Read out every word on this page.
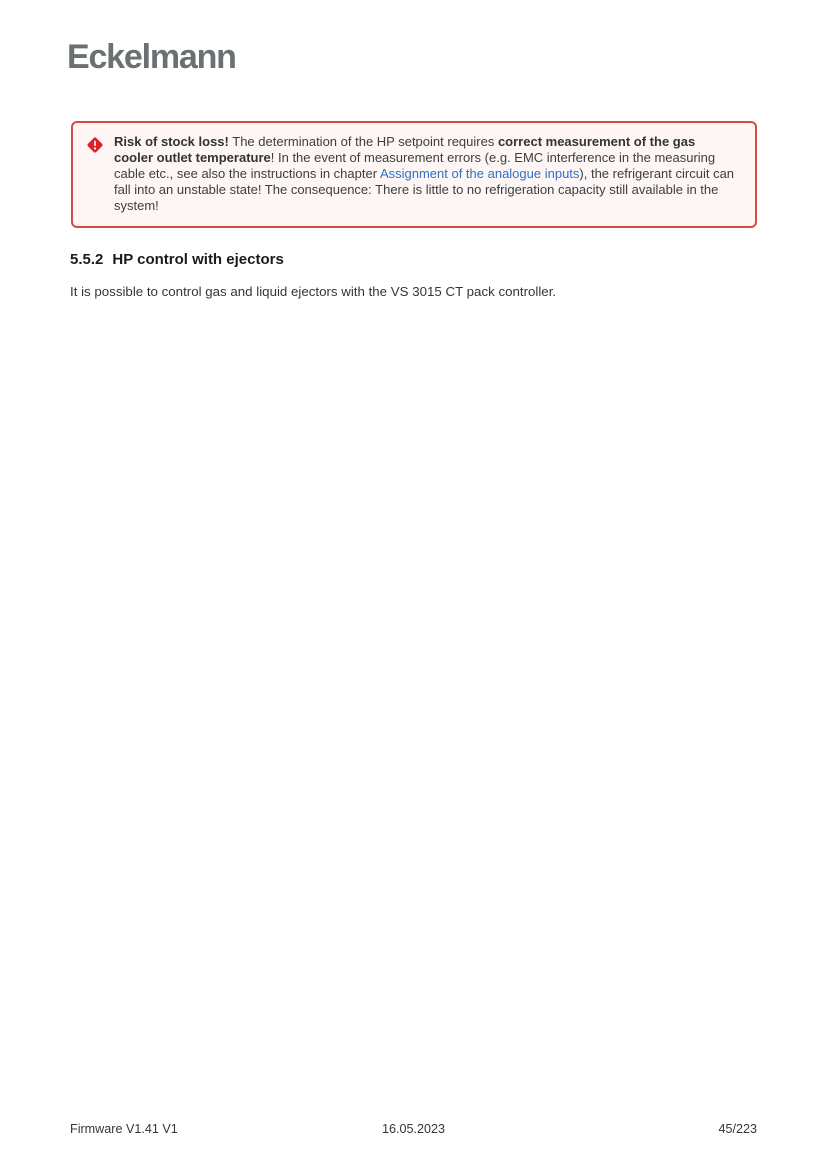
Eckelmann

Risk of stock loss! The determination of the HP setpoint requires correct measurement of the gas cooler outlet temperature! In the event of measurement errors (e.g. EMC interference in the measuring cable etc., see also the instructions in chapter Assignment of the analogue inputs), the refrigerant circuit can fall into an unstable state! The consequence: There is little to no refrigeration capacity still available in the system!

5.5.2 HP control with ejectors

It is possible to control gas and liquid ejectors with the VS 3015 CT pack controller.

Firmware V1.41 V1	16.05.2023	45/223
